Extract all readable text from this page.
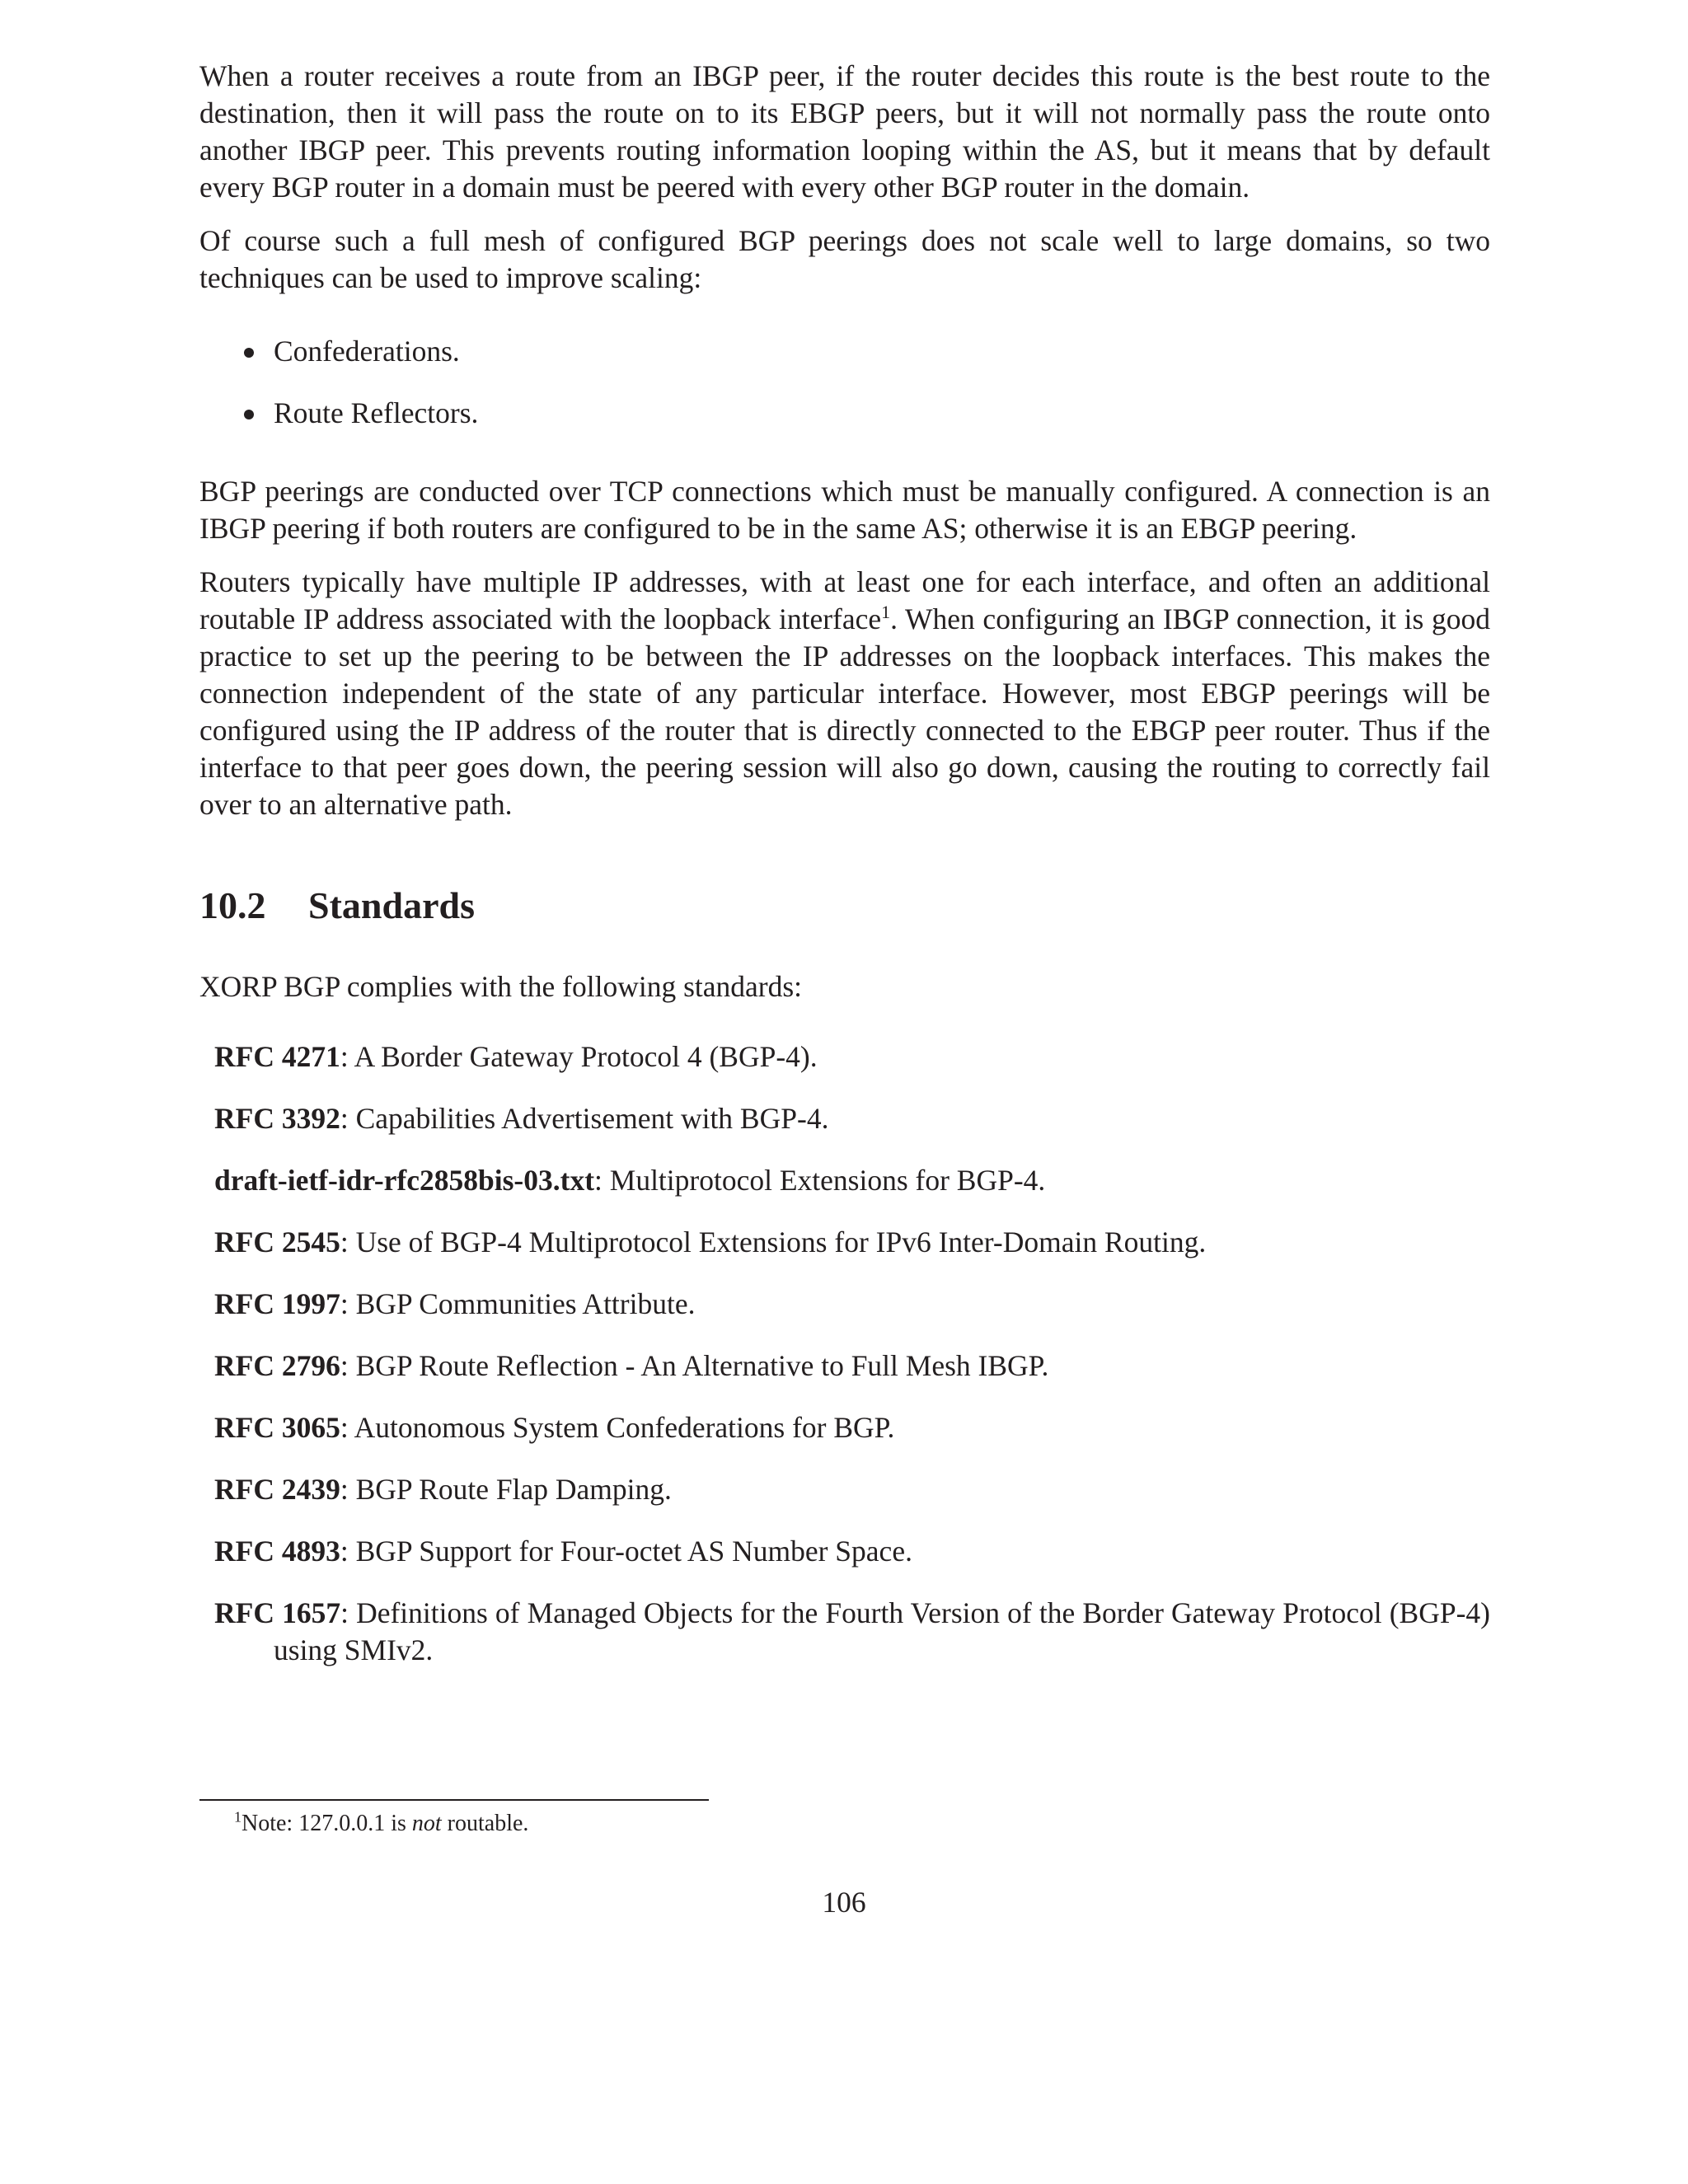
When a router receives a route from an IBGP peer, if the router decides this route is the best route to the destination, then it will pass the route on to its EBGP peers, but it will not normally pass the route onto another IBGP peer. This prevents routing information looping within the AS, but it means that by default every BGP router in a domain must be peered with every other BGP router in the domain.

Of course such a full mesh of configured BGP peerings does not scale well to large domains, so two techniques can be used to improve scaling:

Confederations.
Route Reflectors.

BGP peerings are conducted over TCP connections which must be manually configured. A connection is an IBGP peering if both routers are configured to be in the same AS; otherwise it is an EBGP peering.

Routers typically have multiple IP addresses, with at least one for each interface, and often an additional routable IP address associated with the loopback interface$^1$. When configuring an IBGP connection, it is good practice to set up the peering to be between the IP addresses on the loopback interfaces. This makes the connection independent of the state of any particular interface. However, most EBGP peerings will be configured using the IP address of the router that is directly connected to the EBGP peer router. Thus if the interface to that peer goes down, the peering session will also go down, causing the routing to correctly fail over to an alternative path.

10.2 Standards

XORP BGP complies with the following standards:

RFC 4271: A Border Gateway Protocol 4 (BGP-4).
RFC 3392: Capabilities Advertisement with BGP-4.
draft-ietf-idr-rfc2858bis-03.txt: Multiprotocol Extensions for BGP-4.
RFC 2545: Use of BGP-4 Multiprotocol Extensions for IPv6 Inter-Domain Routing.
RFC 1997: BGP Communities Attribute.
RFC 2796: BGP Route Reflection - An Alternative to Full Mesh IBGP.
RFC 3065: Autonomous System Confederations for BGP.
RFC 2439: BGP Route Flap Damping.
RFC 4893: BGP Support for Four-octet AS Number Space.
RFC 1657: Definitions of Managed Objects for the Fourth Version of the Border Gateway Protocol (BGP-4) using SMIv2.
$^1$Note: 127.0.0.1 is not routable.
106
